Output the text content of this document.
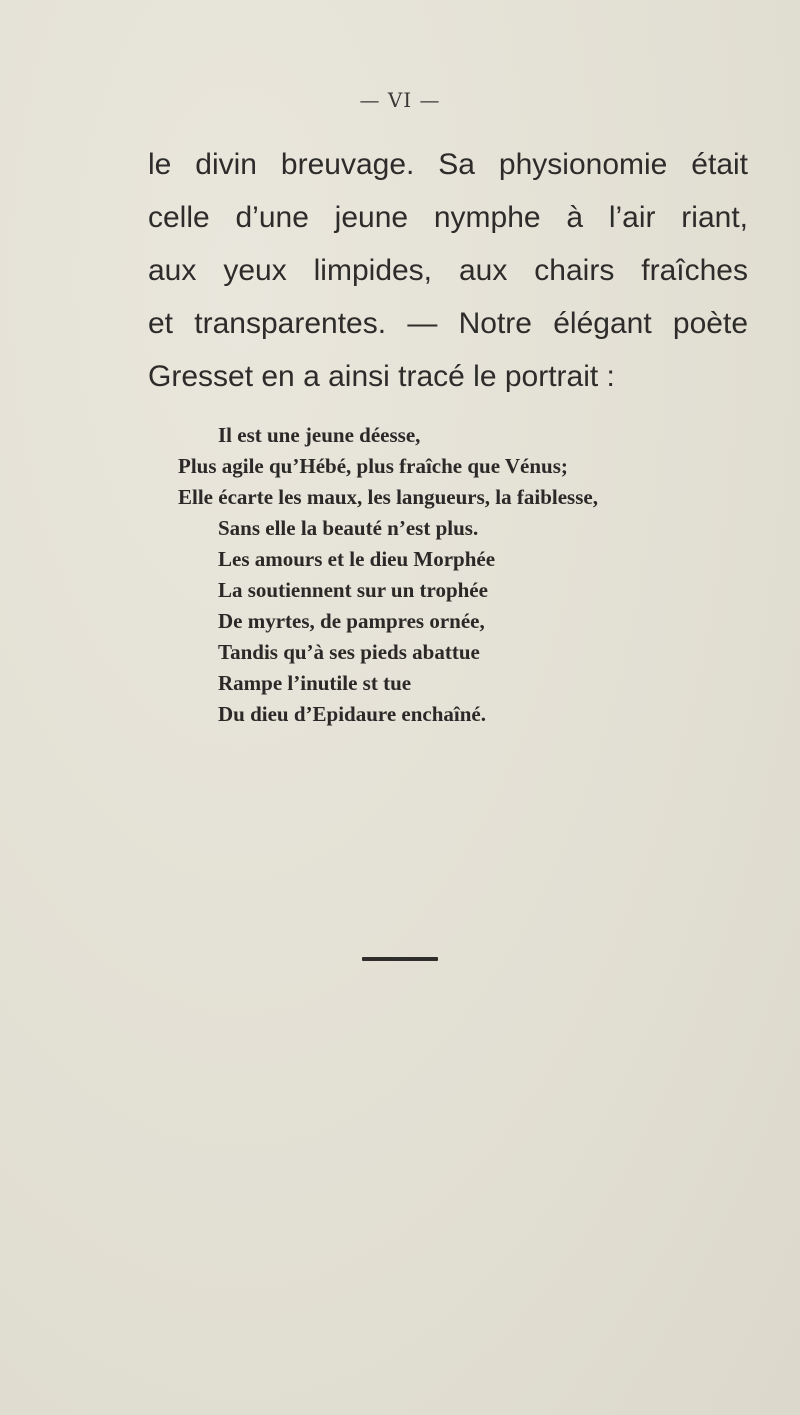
— VI —
le divin breuvage. Sa physionomie était
celle d’une jeune nymphe à l’air riant,
aux yeux limpides, aux chairs fraîches
et transparentes. — Notre élégant poète
Gresset en a ainsi tracé le portrait :
Il est une jeune déesse,
Plus agile qu’Hébé, plus fraîche que Vénus;
Elle écarte les maux, les langueurs, la faiblesse,
Sans elle la beauté n’est plus.
Les amours et le dieu Morphée
La soutiennent sur un trophée
De myrtes, de pampres ornée,
Tandis qu’à ses pieds abattue
Rampe l’inutile st tue
Du dieu d’Epidaure enchaîné.
